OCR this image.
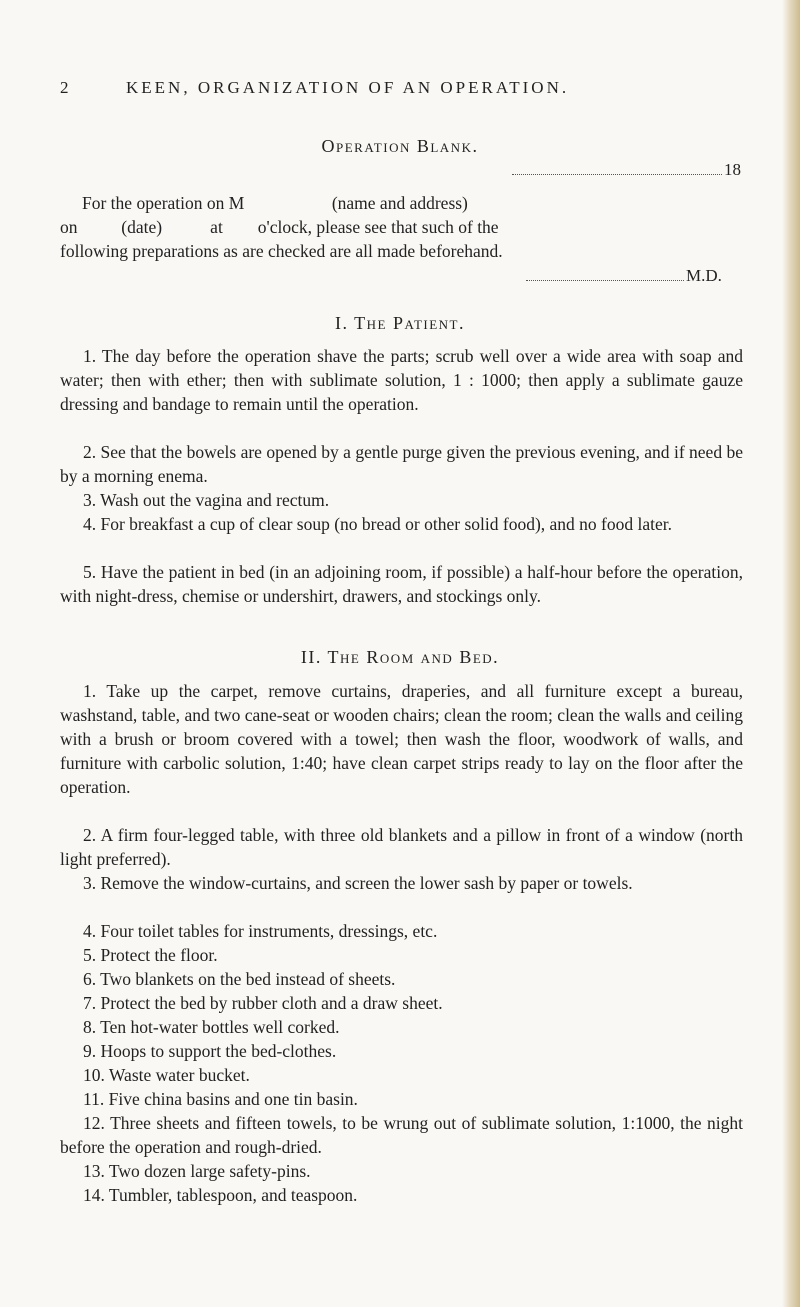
2	KEEN, ORGANIZATION OF AN OPERATION.
Operation Blank.
18
For the operation on M                    (name and address)
on          (date)           at        o'clock, please see that such of the
following preparations as are checked are all made beforehand.
M.D.
I. The Patient.

1. The day before the operation shave the parts; scrub well over a wide area with soap and water; then with ether; then with sublimate solution, 1 : 1000; then apply a sublimate gauze dressing and bandage to remain until the operation.

2. See that the bowels are opened by a gentle purge given the previous evening, and if need be by a morning enema.

3. Wash out the vagina and rectum.

4. For breakfast a cup of clear soup (no bread or other solid food), and no food later.

5. Have the patient in bed (in an adjoining room, if possible) a half-hour before the operation, with night-dress, chemise or undershirt, drawers, and stockings only.

II. The Room and Bed.

1. Take up the carpet, remove curtains, draperies, and all furniture except a bureau, washstand, table, and two cane-seat or wooden chairs; clean the room; clean the walls and ceiling with a brush or broom covered with a towel; then wash the floor, woodwork of walls, and furniture with carbolic solution, 1:40; have clean carpet strips ready to lay on the floor after the operation.

2. A firm four-legged table, with three old blankets and a pillow in front of a window (north light preferred).

3. Remove the window-curtains, and screen the lower sash by paper or towels.

4. Four toilet tables for instruments, dressings, etc.

5. Protect the floor.

6. Two blankets on the bed instead of sheets.

7. Protect the bed by rubber cloth and a draw sheet.

8. Ten hot-water bottles well corked.

9. Hoops to support the bed-clothes.

10. Waste water bucket.

11. Five china basins and one tin basin.

12. Three sheets and fifteen towels, to be wrung out of sublimate solution, 1:1000, the night before the operation and rough-dried.

13. Two dozen large safety-pins.

14. Tumbler, tablespoon, and teaspoon.
